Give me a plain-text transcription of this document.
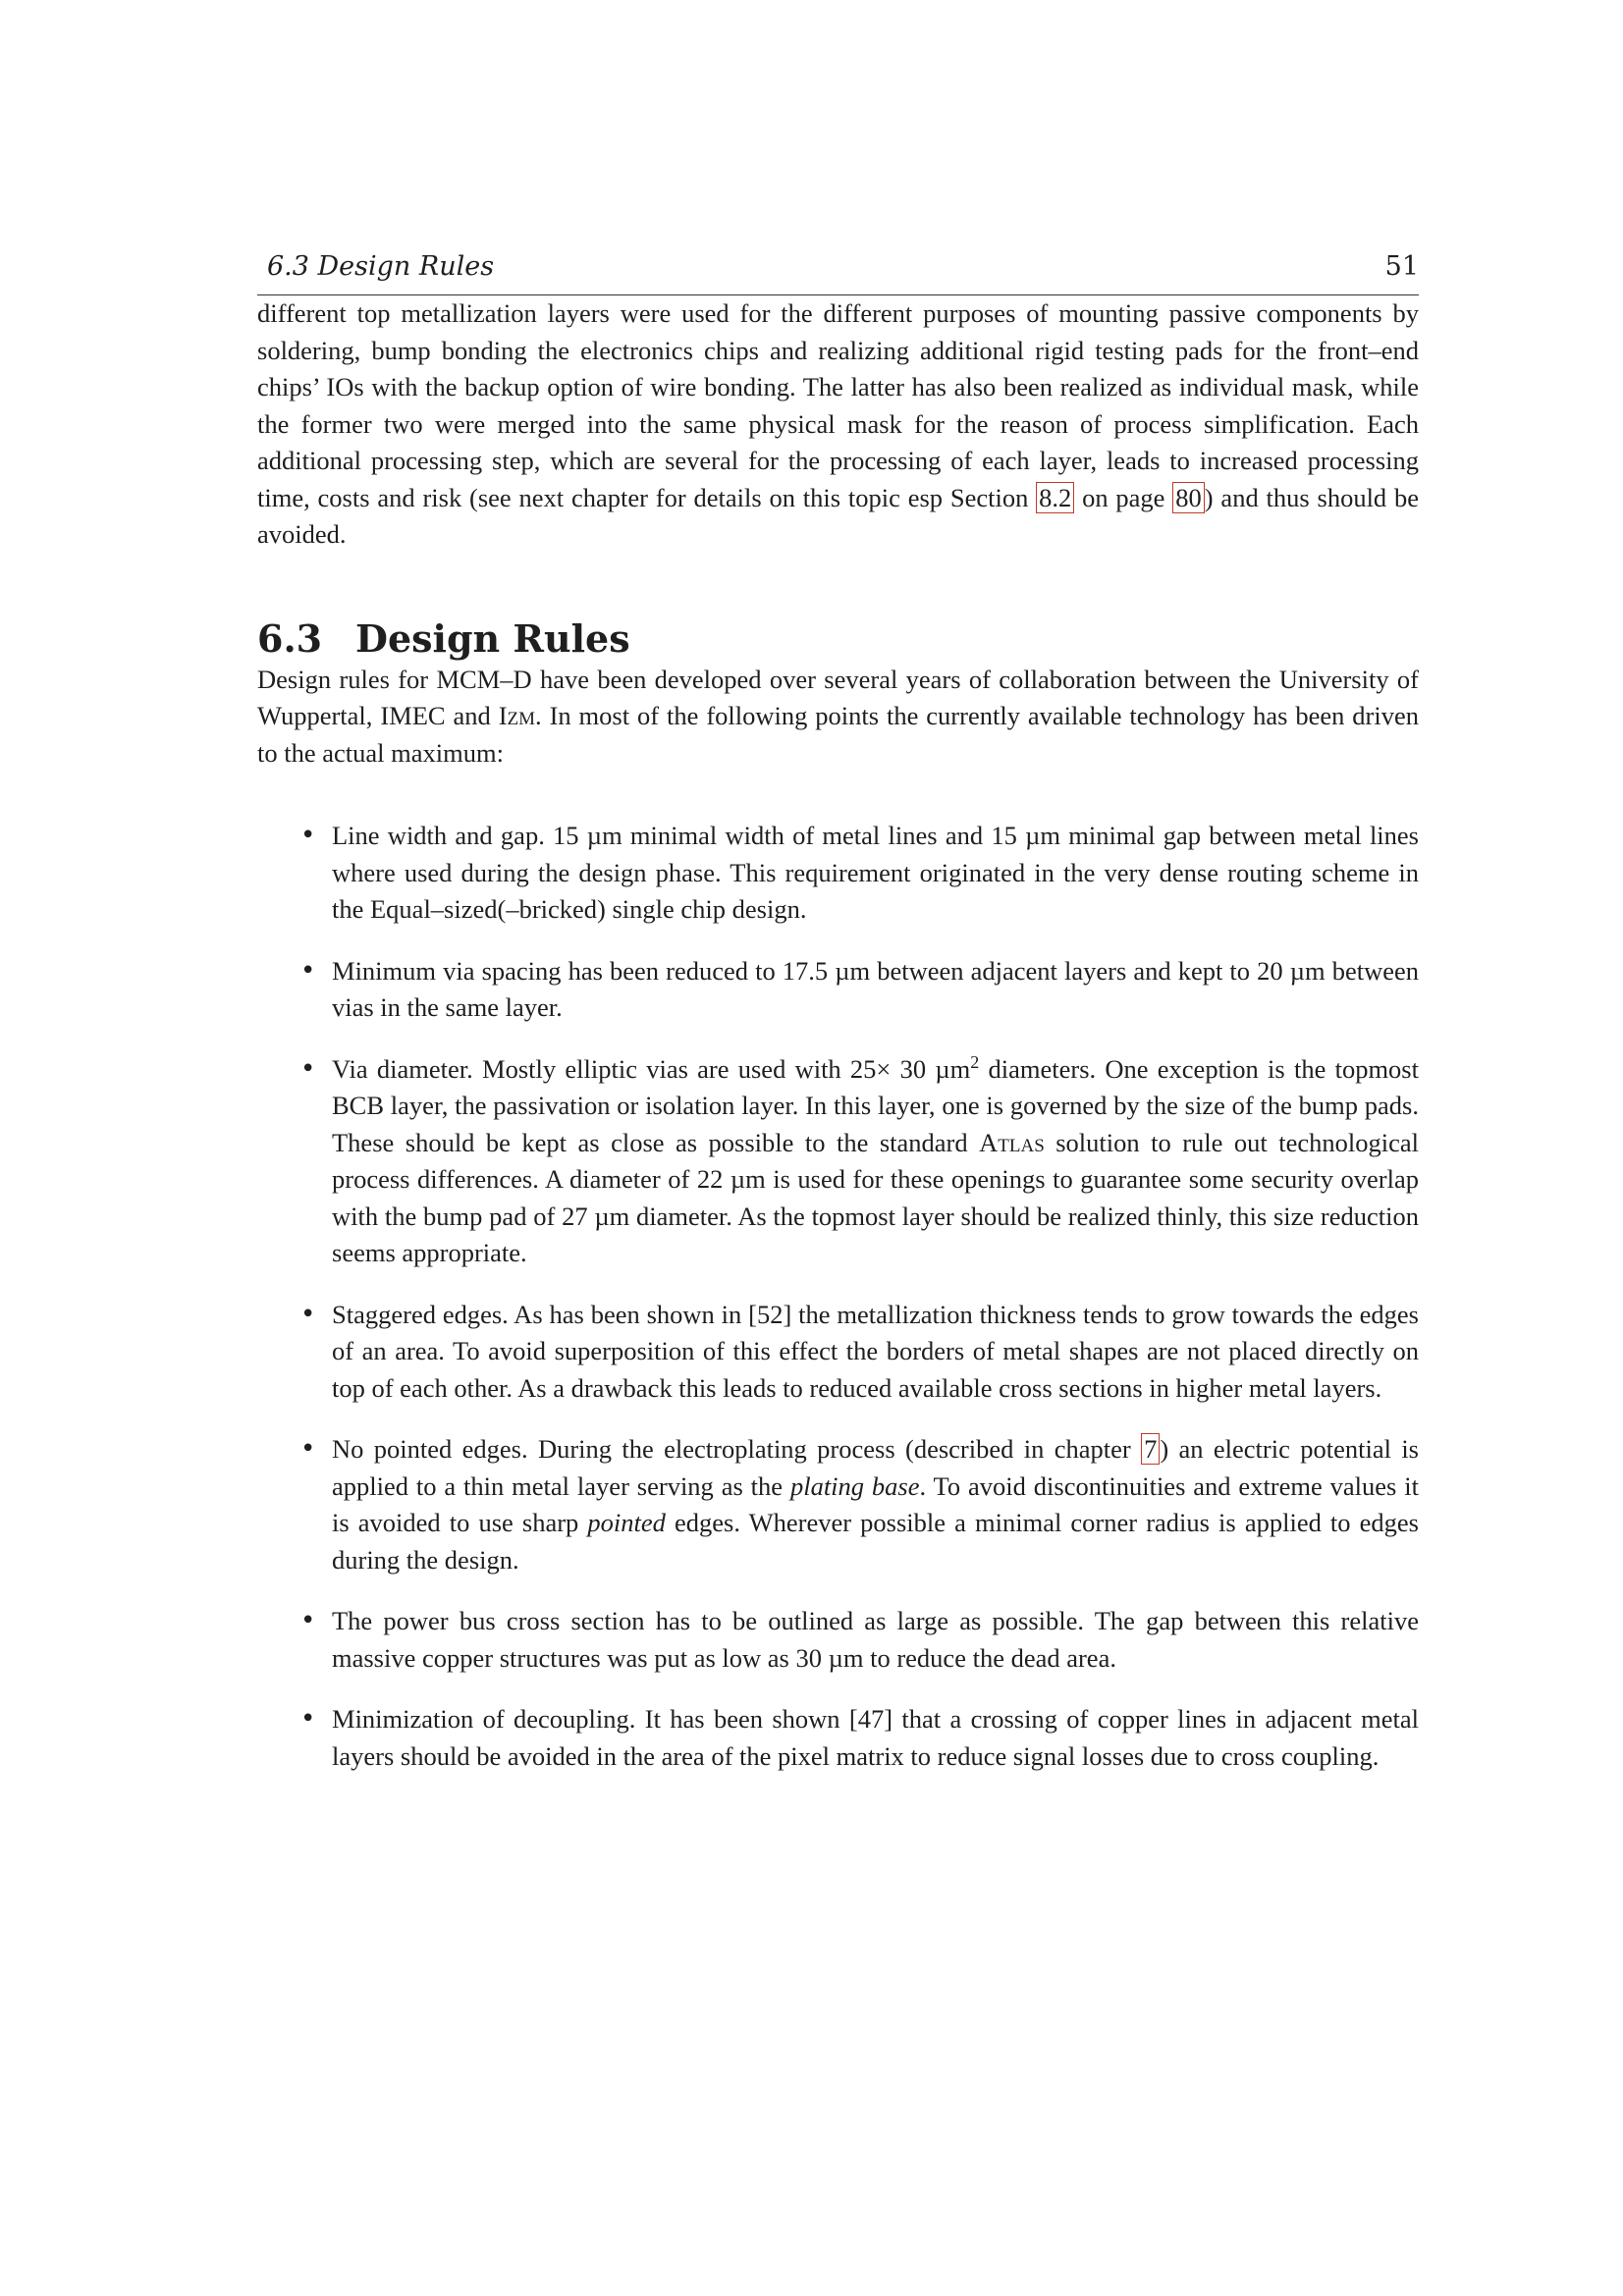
6.3 Design Rules	51

different top metallization layers were used for the different purposes of mounting passive components by soldering, bump bonding the electronics chips and realizing additional rigid testing pads for the front–end chips’ IOs with the backup option of wire bonding. The latter has also been realized as individual mask, while the former two were merged into the same physical mask for the reason of process simplification. Each additional processing step, which are several for the processing of each layer, leads to increased processing time, costs and risk (see next chapter for details on this topic esp Section 8.2 on page 80 ) and thus should be avoided.

6.3 Design Rules

Design rules for MCM–D have been developed over several years of collaboration between the University of Wuppertal, IMEC and Izm. In most of the following points the currently available technology has been driven to the actual maximum:

• Line width and gap. 15 µm minimal width of metal lines and 15 µm minimal gap between metal lines where used during the design phase. This requirement originated in the very dense routing scheme in the Equal–sized(–bricked) single chip design.

• Minimum via spacing has been reduced to 17.5 µm between adjacent layers and kept to 20 µm between vias in the same layer.

• Via diameter. Mostly elliptic vias are used with 25× 30 µm$^2$ diameters. One exception is the topmost BCB layer, the passivation or isolation layer. In this layer, one is governed by the size of the bump pads. These should be kept as close as possible to the standard Atlas solution to rule out technological process differences. A diameter of 22 µm is used for these openings to guarantee some security overlap with the bump pad of 27 µm diameter. As the topmost layer should be realized thinly, this size reduction seems appropriate.

• Staggered edges. As has been shown in [52] the metallization thickness tends to grow towards the edges of an area. To avoid superposition of this effect the borders of metal shapes are not placed directly on top of each other. As a drawback this leads to reduced available cross sections in higher metal layers.

• No pointed edges. During the electroplating process (described in chapter 7 ) an electric potential is applied to a thin metal layer serving as the plating base. To avoid discontinuities and extreme values it is avoided to use sharp pointed edges. Wherever possible a minimal corner radius is applied to edges during the design.

• The power bus cross section has to be outlined as large as possible. The gap between this relative massive copper structures was put as low as 30 µm to reduce the dead area.

• Minimization of decoupling. It has been shown [47] that a crossing of copper lines in adjacent metal layers should be avoided in the area of the pixel matrix to reduce signal losses due to cross coupling.
